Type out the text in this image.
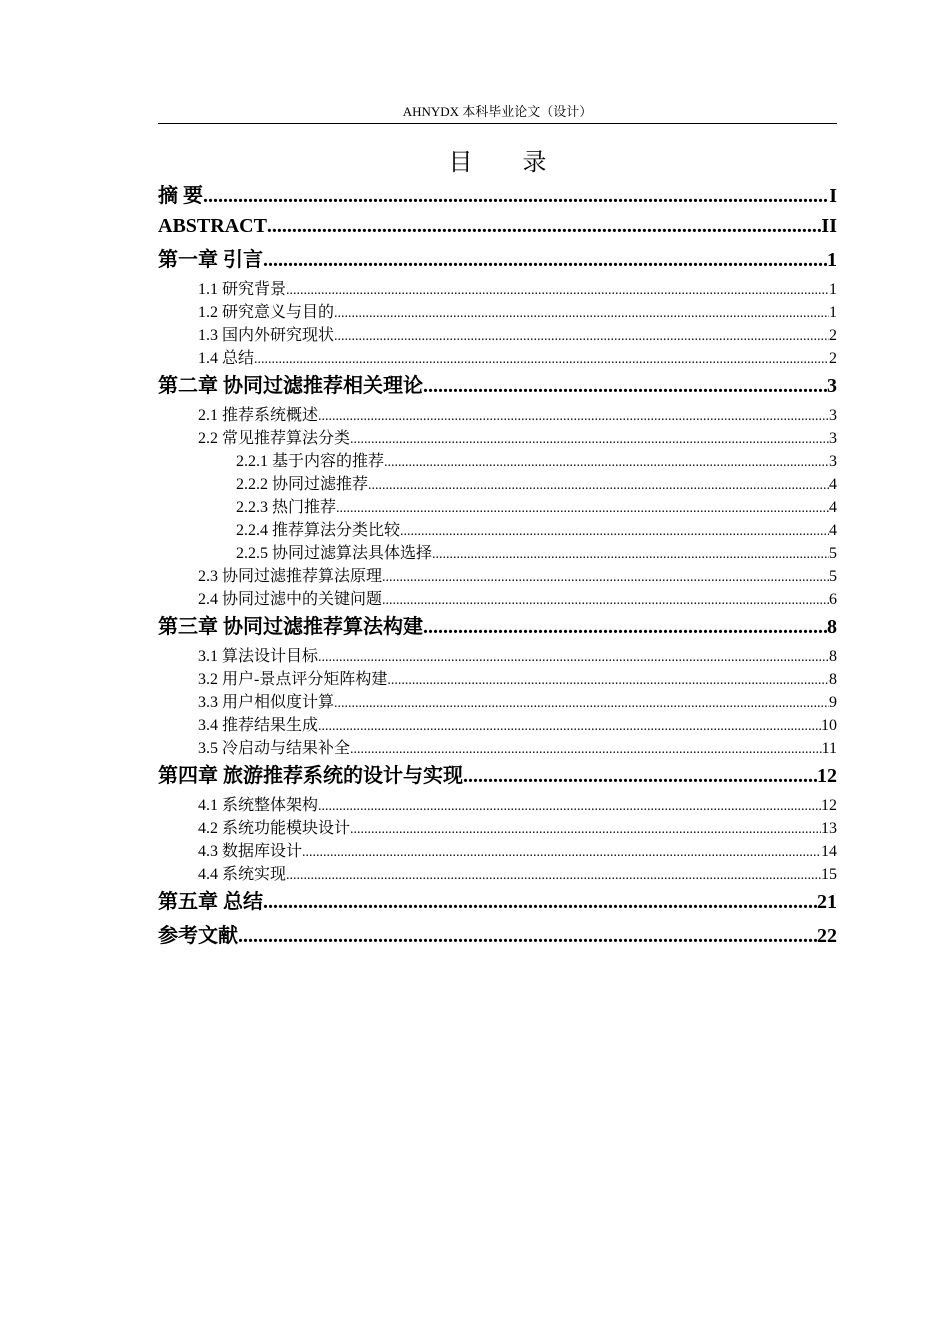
AHNYDX 本科毕业论文（设计）
目 录
摘 要 .....	I
ABSTRACT .....	II
第一章 引言 .....	1
1.1 研究背景 .....	1
1.2 研究意义与目的 .....	1
1.3 国内外研究现状 .....	2
1.4 总结 .....	2
第二章 协同过滤推荐相关理论 .....	3
2.1 推荐系统概述 .....	3
2.2 常见推荐算法分类 .....	3
2.2.1 基于内容的推荐 .....	3
2.2.2 协同过滤推荐 .....	4
2.2.3 热门推荐 .....	4
2.2.4 推荐算法分类比较 .....	4
2.2.5 协同过滤算法具体选择 .....	5
2.3 协同过滤推荐算法原理 .....	5
2.4 协同过滤中的关键问题 .....	6
第三章 协同过滤推荐算法构建 .....	8
3.1 算法设计目标 .....	8
3.2 用户-景点评分矩阵构建 .....	8
3.3 用户相似度计算 .....	9
3.4 推荐结果生成 .....	10
3.5 冷启动与结果补全 .....	11
第四章 旅游推荐系统的设计与实现 .....	12
4.1 系统整体架构 .....	12
4.2 系统功能模块设计 .....	13
4.3 数据库设计 .....	14
4.4 系统实现 .....	15
第五章 总结 .....	21
参考文献 .....	22
